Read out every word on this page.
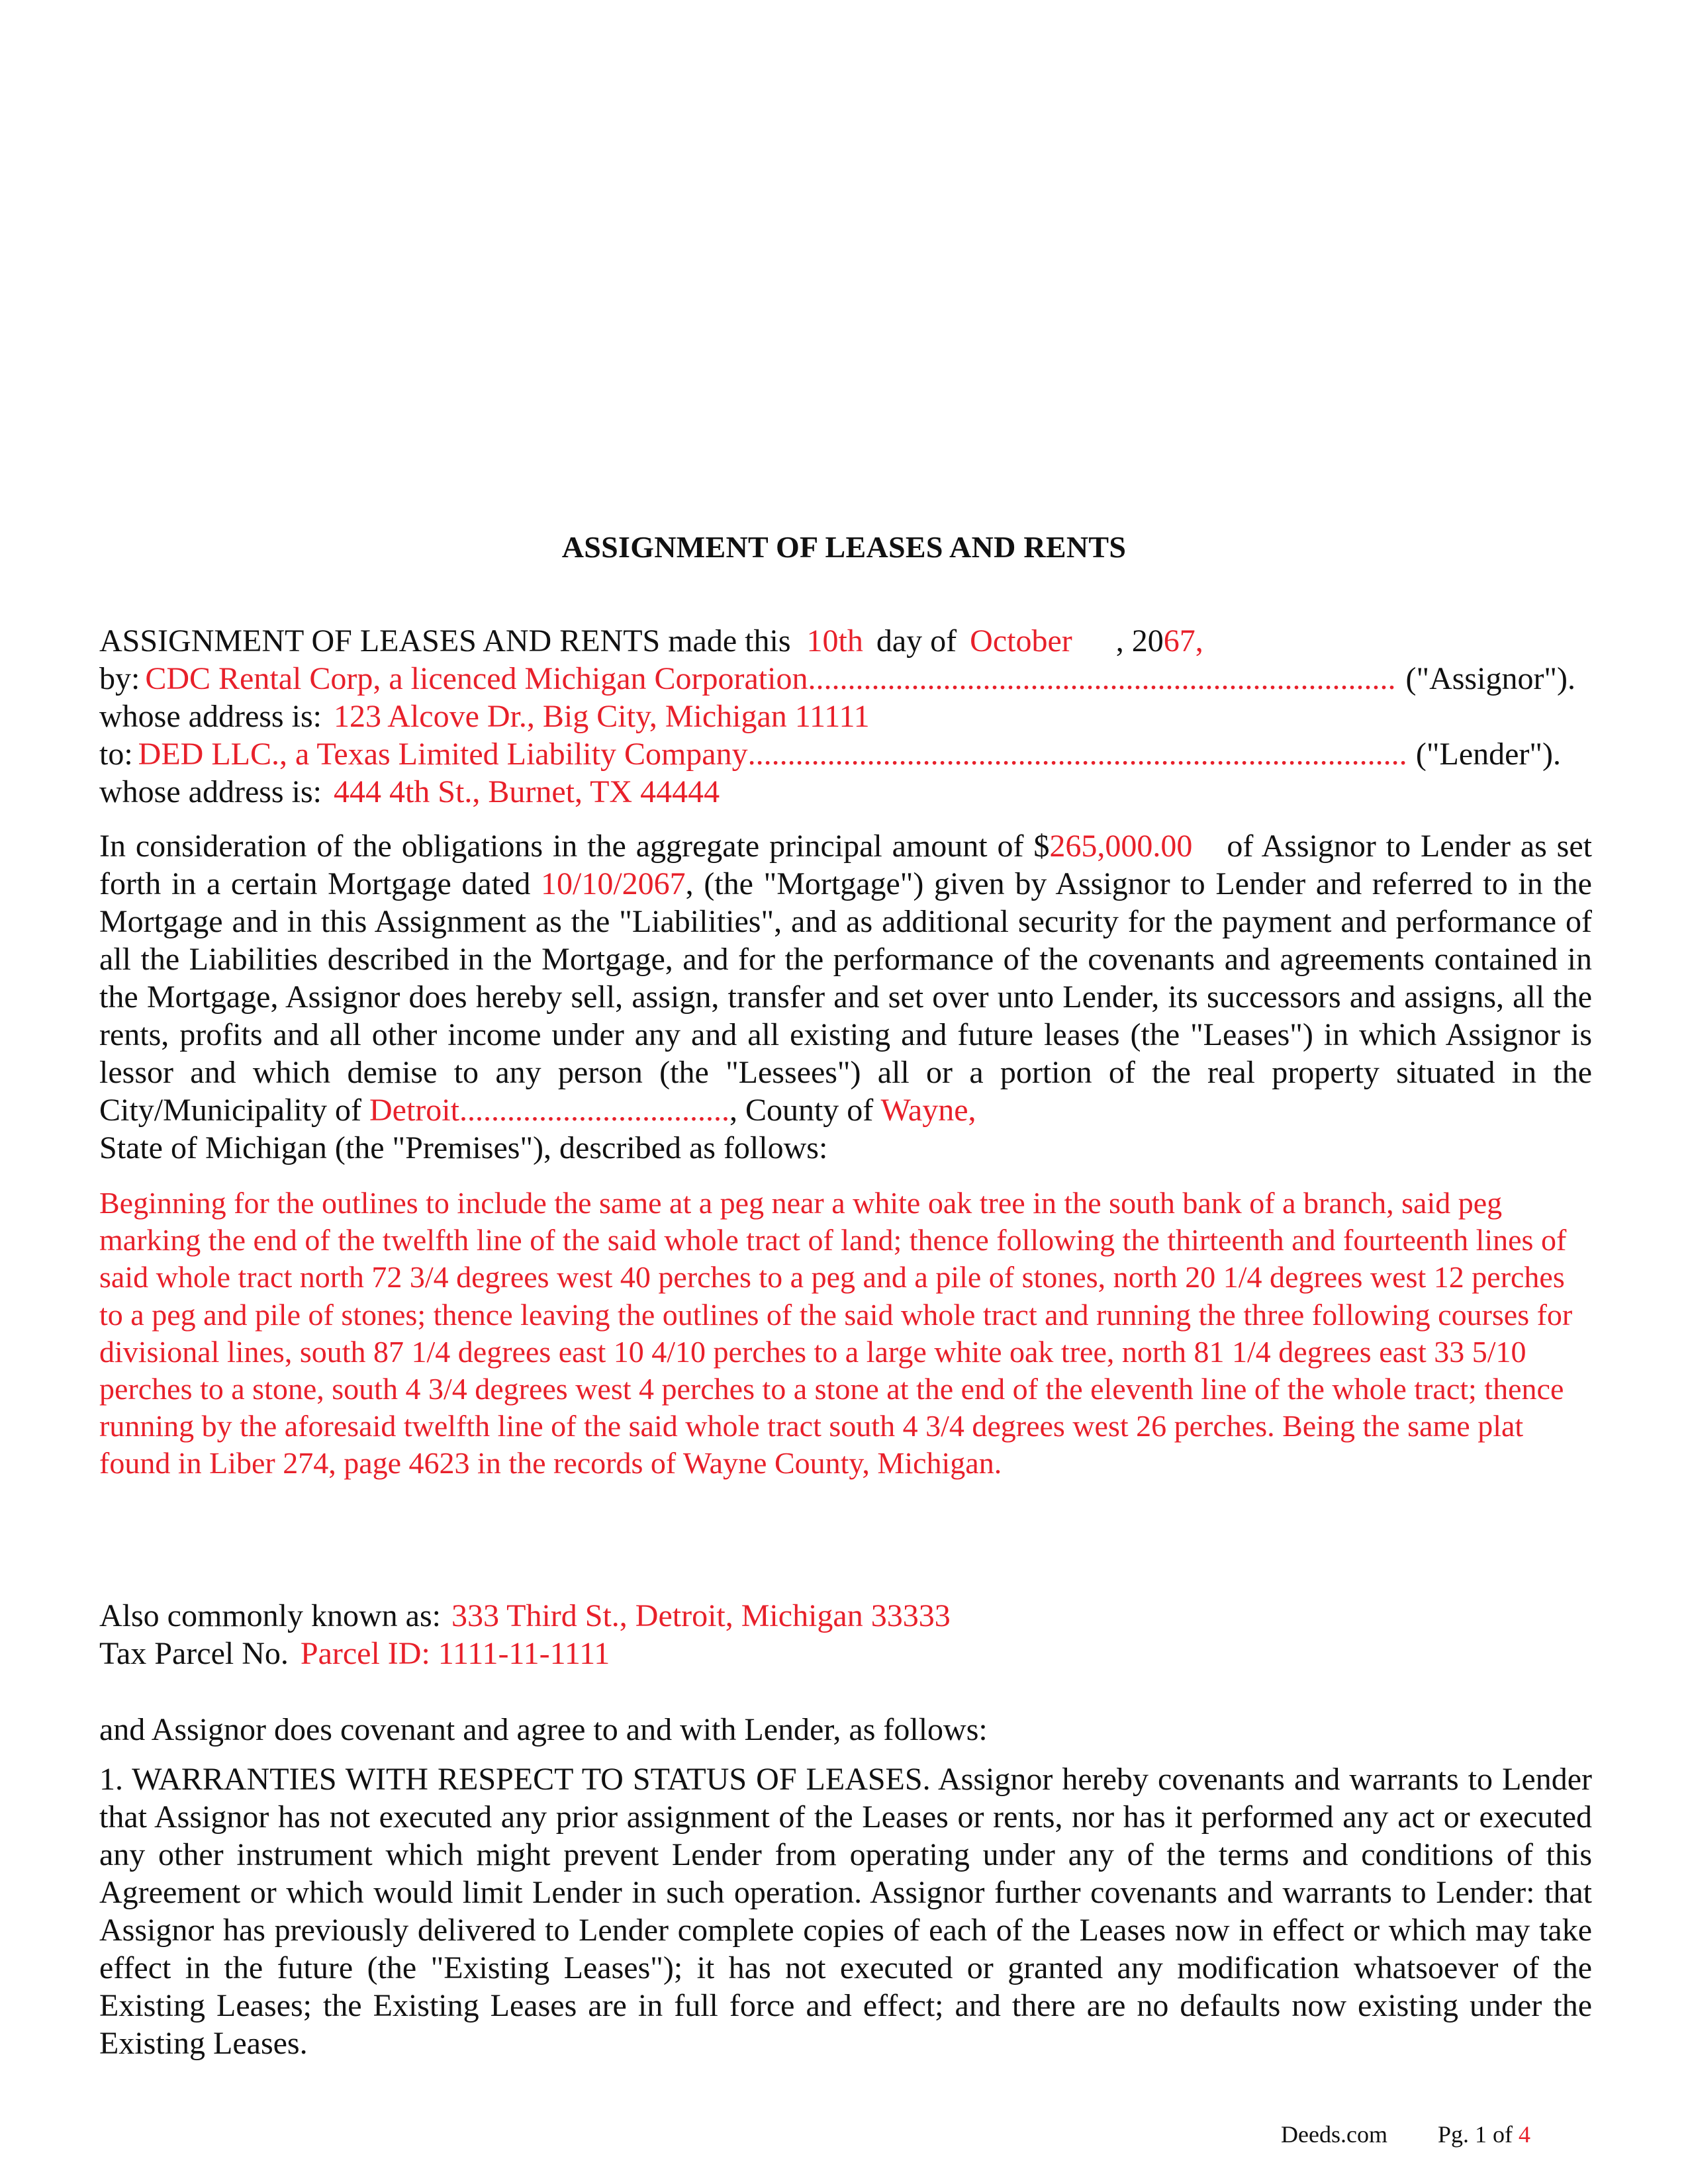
ASSIGNMENT OF LEASES AND RENTS
ASSIGNMENT OF LEASES AND RENTS made this 10th day of October , 2067,
by: CDC Rental Corp, a licenced Michigan Corporation .....	("Assignor").
whose address is: 123 Alcove Dr., Big City, Michigan 11111
to: DED LLC., a Texas Limited Liability Company .....	("Lender").
whose address is: 444 4th St., Burnet, TX 44444
In consideration of the obligations in the aggregate principal amount of $265,000.00 of Assignor to Lender as set forth in a certain Mortgage dated 10/10/2067, (the "Mortgage") given by Assignor to Lender and referred to in the Mortgage and in this Assignment as the "Liabilities", and as additional security for the payment and performance of all the Liabilities described in the Mortgage, and for the performance of the covenants and agreements contained in the Mortgage, Assignor does hereby sell, assign, transfer and set over unto Lender, its successors and assigns, all the rents, profits and all other income under any and all existing and future leases (the "Leases") in which Assignor is lessor and which demise to any person (the "Lessees") all or a portion of the real property situated in the City/Municipality of Detroit.................................., County of Wayne,
State of Michigan (the "Premises"), described as follows:
Beginning for the outlines to include the same at a peg near a white oak tree in the south bank of a branch, said peg marking the end of the twelfth line of the said whole tract of land; thence following the thirteenth and fourteenth lines of said whole tract north 72 3/4 degrees west 40 perches to a peg and a pile of stones, north 20 1/4 degrees west 12 perches to a peg and pile of stones; thence leaving the outlines of the said whole tract and running the three following courses for divisional lines, south 87 1/4 degrees east 10 4/10 perches to a large white oak tree, north 81 1/4 degrees east 33 5/10 perches to a stone, south 4 3/4 degrees west 4 perches to a stone at the end of the eleventh line of the whole tract; thence running by the aforesaid twelfth line of the said whole tract south 4 3/4 degrees west 26 perches. Being the same plat found in Liber 274, page 4623 in the records of Wayne County, Michigan.
Also commonly known as: 333 Third St., Detroit, Michigan 33333
Tax Parcel No. Parcel ID: 1111-11-1111
and Assignor does covenant and agree to and with Lender, as follows:
1. WARRANTIES WITH RESPECT TO STATUS OF LEASES. Assignor hereby covenants and warrants to Lender that Assignor has not executed any prior assignment of the Leases or rents, nor has it performed any act or executed any other instrument which might prevent Lender from operating under any of the terms and conditions of this Agreement or which would limit Lender in such operation. Assignor further covenants and warrants to Lender: that Assignor has previously delivered to Lender complete copies of each of the Leases now in effect or which may take effect in the future (the "Existing Leases"); it has not executed or granted any modification whatsoever of the Existing Leases; the Existing Leases are in full force and effect; and there are no defaults now existing under the Existing Leases.
Deeds.com Pg. 1 of 4
